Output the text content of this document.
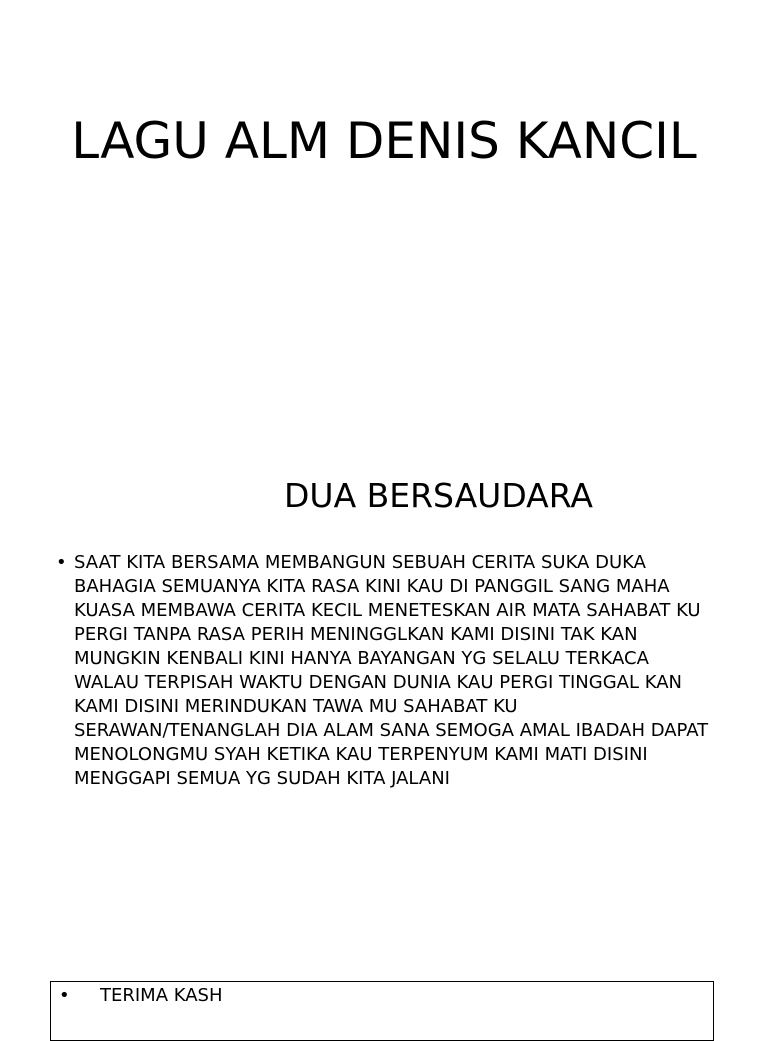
LAGU ALM DENIS KANCIL
DUA BERSAUDARA
• SAAT KITA BERSAMA MEMBANGUN SEBUAH CERITA SUKA DUKA BAHAGIA SEMUANYA KITA RASA KINI KAU DI PANGGIL SANG MAHA KUASA MEMBAWA CERITA KECIL MENETESKAN AIR MATA SAHABAT KU PERGI TANPA RASA PERIH MENINGGLKAN KAMI DISINI TAK KAN MUNGKIN KENBALI KINI HANYA BAYANGAN YG SELALU TERKACA WALAU TERPISAH WAKTU DENGAN DUNIA KAU PERGI TINGGAL KAN KAMI DISINI MERINDUKAN TAWA MU SAHABAT KU SERAWAN/TENANGLAH DIA ALAM SANA SEMOGA AMAL IBADAH DAPAT MENOLONGMU SYAH KETIKA KAU TERPENYUM KAMI MATI DISINI MENGGAPI SEMUA YG SUDAH KITA JALANI
• TERIMA KASH
